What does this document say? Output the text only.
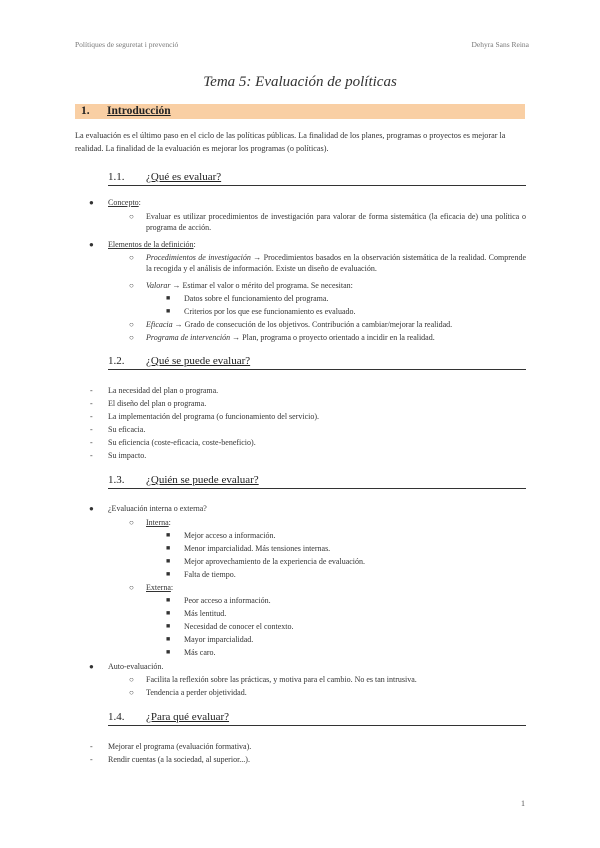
Polítiques de seguretat i prevenció	Dehyra Sans Reina
Tema 5: Evaluación de políticas
1. Introducción
La evaluación es el último paso en el ciclo de las políticas públicas. La finalidad de los planes, programas o proyectos es mejorar la realidad. La finalidad de la evaluación es mejorar los programas (o políticas).
1.1. ¿Qué es evaluar?
● Concepto:
○ Evaluar es utilizar procedimientos de investigación para valorar de forma sistemática (la eficacia de) una política o programa de acción.
● Elementos de la definición:
○ Procedimientos de investigación → Procedimientos basados en la observación sistemática de la realidad. Comprende la recogida y el análisis de información. Existe un diseño de evaluación.
○ Valorar → Estimar el valor o mérito del programa. Se necesitan:
■ Datos sobre el funcionamiento del programa.
■ Criterios por los que ese funcionamiento es evaluado.
○ Eficacia → Grado de consecución de los objetivos. Contribución a cambiar/mejorar la realidad.
○ Programa de intervención → Plan, programa o proyecto orientado a incidir en la realidad.
1.2. ¿Qué se puede evaluar?
- La necesidad del plan o programa.
- El diseño del plan o programa.
- La implementación del programa (o funcionamiento del servicio).
- Su eficacia.
- Su eficiencia (coste-eficacia, coste-beneficio).
- Su impacto.
1.3. ¿Quién se puede evaluar?
● ¿Evaluación interna o externa?
○ Interna:
■ Mejor acceso a información.
■ Menor imparcialidad. Más tensiones internas.
■ Mejor aprovechamiento de la experiencia de evaluación.
■ Falta de tiempo.
○ Externa:
■ Peor acceso a información.
■ Más lentitud.
■ Necesidad de conocer el contexto.
■ Mayor imparcialidad.
■ Más caro.
● Auto-evaluación.
○ Facilita la reflexión sobre las prácticas, y motiva para el cambio. No es tan intrusiva.
○ Tendencia a perder objetividad.
1.4. ¿Para qué evaluar?
- Mejorar el programa (evaluación formativa).
- Rendir cuentas (a la sociedad, al superior...).
1
